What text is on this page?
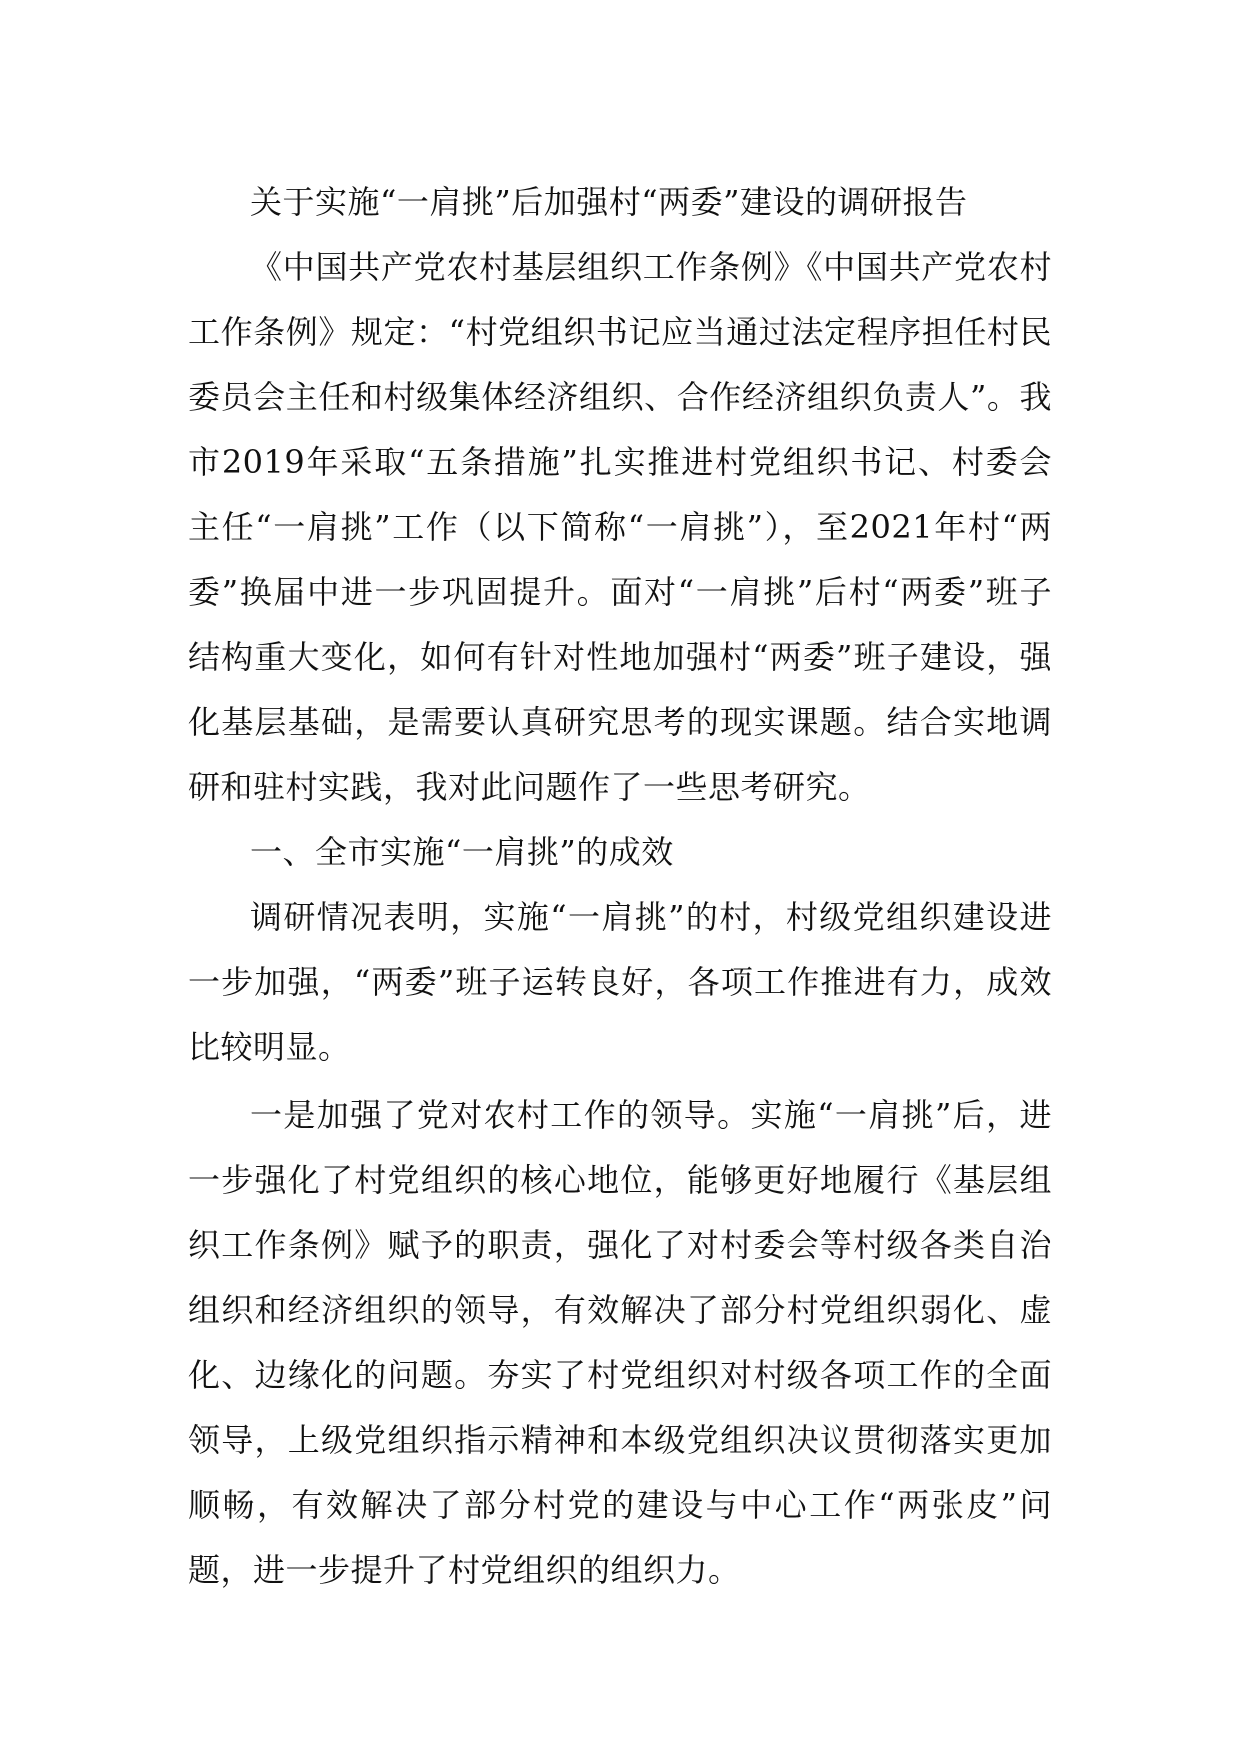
关于实施“一肩挑”后加强村“两委”建设的调研报告

《中国共产党农村基层组织工作条例》《中国共产党农村工作条例》规定：“村党组织书记应当通过法定程序担任村民委员会主任和村级集体经济组织、合作经济组织负责人”。我市2019年采取“五条措施”扎实推进村党组织书记、村委会主任“一肩挑”工作（以下简称“一肩挑”），至2021年村“两委”换届中进一步巩固提升。面对“一肩挑”后村“两委”班子结构重大变化，如何有针对性地加强村“两委”班子建设，强化基层基础，是需要认真研究思考的现实课题。结合实地调研和驻村实践，我对此问题作了一些思考研究。

一、全市实施“一肩挑”的成效

调研情况表明，实施“一肩挑”的村，村级党组织建设进一步加强，“两委”班子运转良好，各项工作推进有力，成效比较明显。

一是加强了党对农村工作的领导。实施“一肩挑”后，进一步强化了村党组织的核心地位，能够更好地履行《基层组织工作条例》赋予的职责，强化了对村委会等村级各类自治组织和经济组织的领导，有效解决了部分村党组织弱化、虚化、边缘化的问题。夯实了村党组织对村级各项工作的全面领导，上级党组织指示精神和本级党组织决议贯彻落实更加顺畅，有效解决了部分村党的建设与中心工作“两张皮”问题，进一步提升了村党组织的组织力。
